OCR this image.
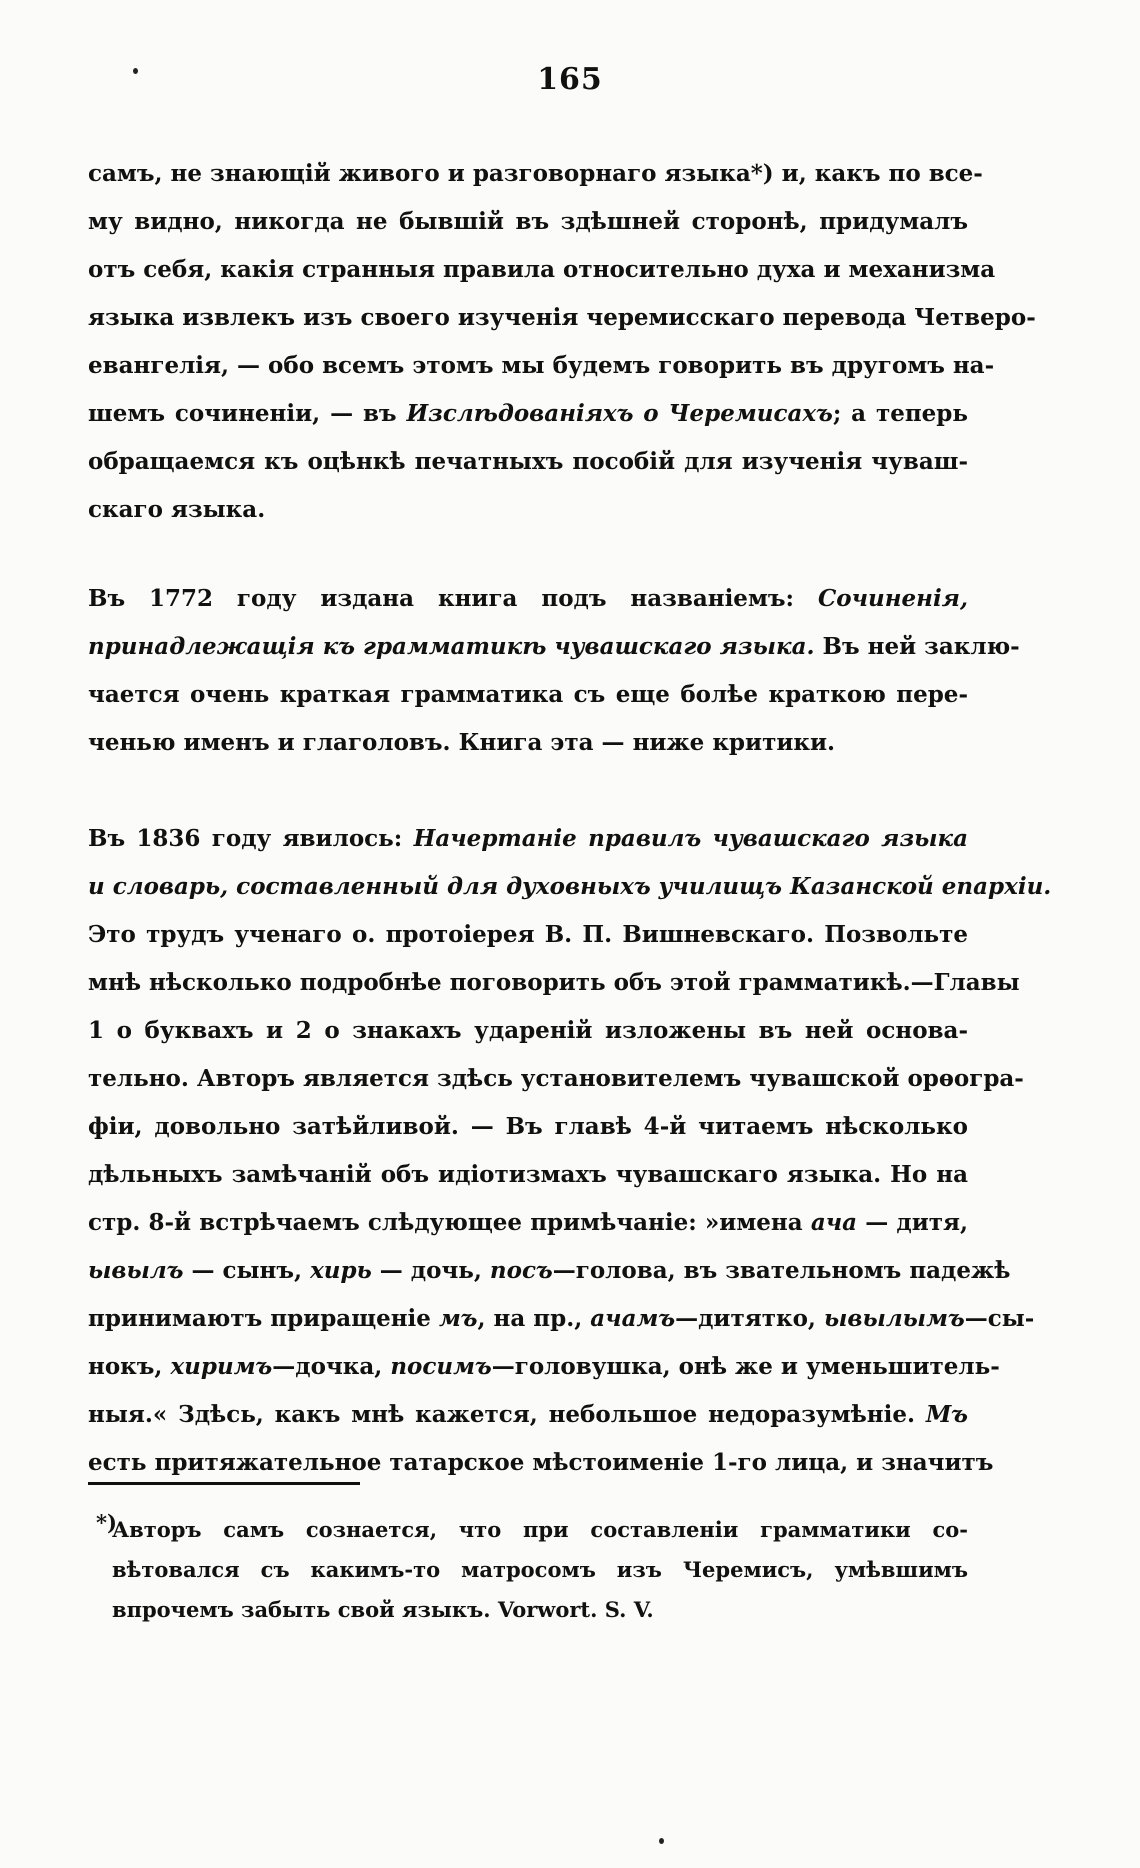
165
самъ, не знающій живого и разговорнаго языка*) и, какъ по все-
му видно, никогда не бывшій въ здѣшней сторонѣ, придумалъ
отъ себя, какія странныя правила относительно духа и механизма
языка извлекъ изъ своего изученія черемисскаго перевода Четверо-
евангелія, — обо всемъ этомъ мы будемъ говорить въ другомъ на-
шемъ сочиненіи, — въ Изслѣдованіяхъ о Черемисахъ; а теперь
обращаемся къ оцѣнкѣ печатныхъ пособій для изученія чуваш-
скаго языка.
Въ 1772 году издана книга подъ названіемъ: Сочиненія,
принадлежащія къ грамматикѣ чувашскаго языка. Въ ней заклю-
чается очень краткая грамматика съ еще болѣе краткою пере-
ченью именъ и глаголовъ. Книга эта — ниже критики.
Въ 1836 году явилось: Начертаніе правилъ чувашскаго языка
и словарь, составленный для духовныхъ училищъ Казанской епархіи.
Это трудъ ученаго о. протоіерея В. П. Вишневскаго. Позвольте
мнѣ нѣсколько подробнѣе поговорить объ этой грамматикѣ.—Главы
1 о буквахъ и 2 о знакахъ удареній изложены въ ней основа-
тельно. Авторъ является здѣсь установителемъ чувашской орѳогра-
фіи, довольно затѣйливой. — Въ главѣ 4-й читаемъ нѣсколько
дѣльныхъ замѣчаній объ идіотизмахъ чувашскаго языка. Но на
стр. 8-й встрѣчаемъ слѣдующее примѣчаніе: »имена ача — дитя,
ывылъ — сынъ, хирь — дочь, посъ—голова, въ звательномъ падежѣ
принимаютъ приращеніе мъ, на пр., ачамъ—дитятко, ывылымъ—сы-
нокъ, хиримъ—дочка, посимъ—головушка, онѣ же и уменьшитель-
ныя.« Здѣсь, какъ мнѣ кажется, небольшое недоразумѣніе. Мъ
есть притяжательное татарское мѣстоименіе 1-го лица, и значитъ
*)
Авторъ самъ сознается, что при составленіи грамматики со-
вѣтовался съ какимъ-то матросомъ изъ Черемисъ, умѣвшимъ
впрочемъ забыть свой языкъ. Vorwort. S. V.
